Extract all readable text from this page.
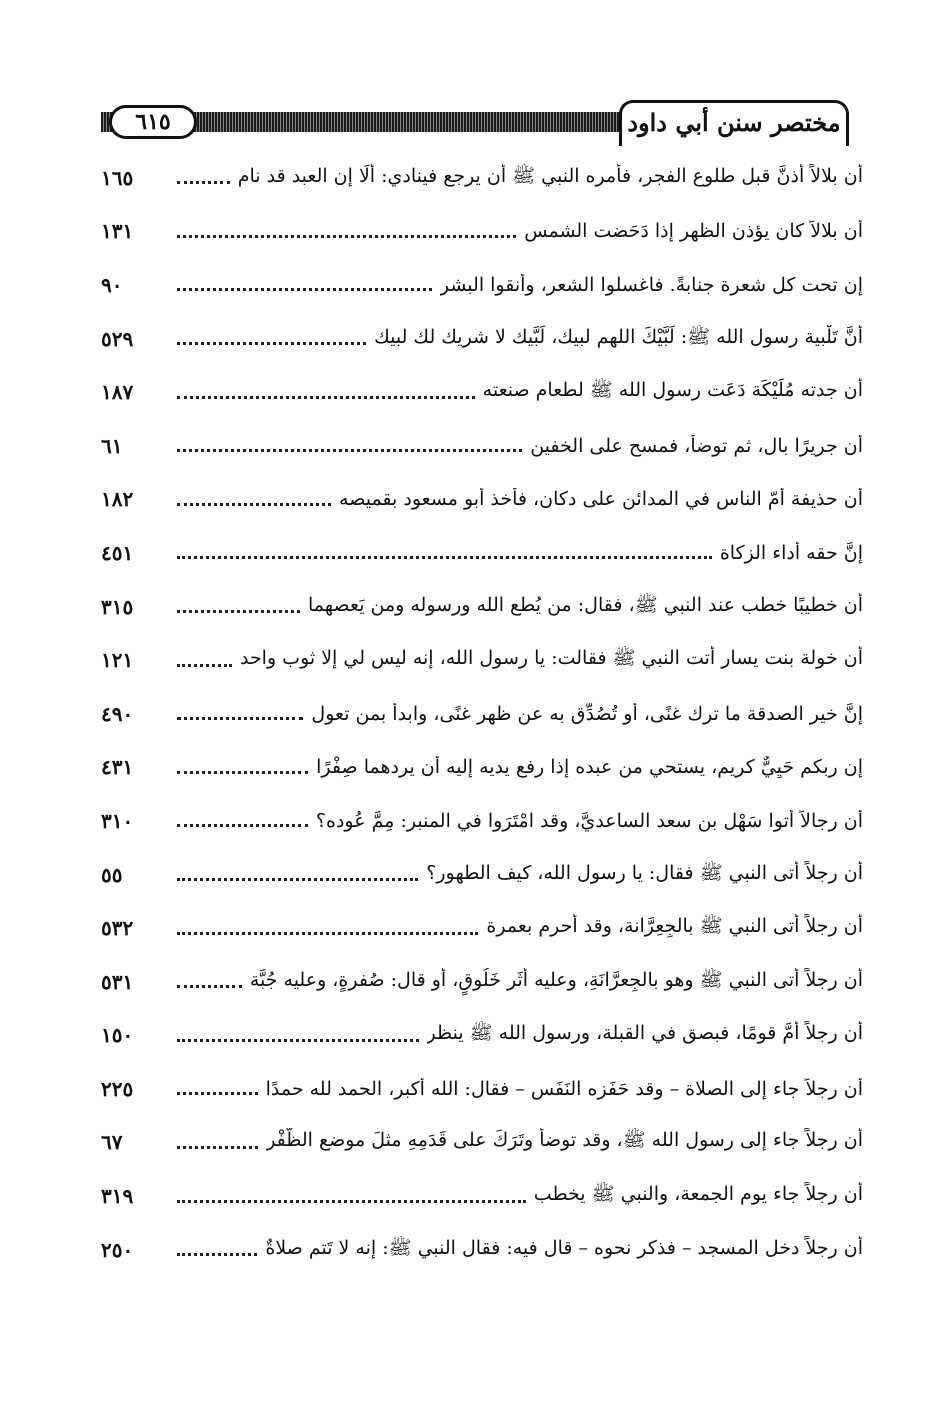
٦١٥	مختصر سنن أبي داود
١٦٥	أن بلالاً أذنَّ قبل طلوع الفجر، فأمره النبي ﷺ أن يرجع فينادي: ألَا إن العبد قد نام
١٣١	أن بلالاً كان يؤذن الظهر إذا دَحَضت الشمس
٩٠	إن تحت كل شعرة جنابةً. فاغسلوا الشعر، وأنقوا البشر
٥٢٩	أنَّ تَلْبية رسول الله ﷺ: لَبَّيْكَ اللهم لبيك، لَبَّيك لا شريك لك لبيك
١٨٧	أن جدته مُلَيْكَة دَعَت رسول الله ﷺ لطعام صنعته
٦١	أن جريرًا بال، ثم توضأ، فمسح على الخفين
١٨٢	أن حذيفة أمّ الناس في المدائن على دكان، فأخذ أبو مسعود بقميصه
٤٥١	إنَّ حقه أداء الزكاة
٣١٥	أن خطيبًا خطب عند النبي ﷺ، فقال: من يُطع الله ورسوله ومن يَعصهما
١٢١	أن خولة بنت يسار أتت النبي ﷺ فقالت: يا رسول الله، إنه ليس لي إلا ثوب واحد
٤٩٠	إنَّ خير الصدقة ما ترك غنًى، أو تُصُدِّق به عن ظهر غنًى، وابدأ بمن تعول
٤٣١	إن ربكم حَيِيٌّ كريم، يستحي من عبده إذا رفع يديه إليه أن يردهما صِفْرًا
٣١٠	أن رجالاً أتوا سَهْل بن سعد الساعديَّ، وقد امْتَرَوا في المنبر: مِمَّ عُوده؟
٥٥	أن رجلاً أتى النبي ﷺ فقال: يا رسول الله، كيف الطهور؟
٥٣٢	أن رجلاً أتى النبي ﷺ بالجِعِرَّانة، وقد أحرم بعمرة
٥٣١	أن رجلاً أتى النبي ﷺ وهو بالجِعرَّانَةِ، وعليه أَثَر خَلُوقٍ، أو قال: صُفرةٍ، وعليه جُبَّة
١٥٠	أن رجلاً أَمَّ قومًا، فبصق في القبلة، ورسول الله ﷺ ينظر
٢٢٥	أن رجلاً جاء إلى الصلاة – وقد حَفَزه النَفَس – فقال: الله أكبر، الحمد لله حمدًا
٦٧	أن رجلاً جاء إلى رسول الله ﷺ، وقد توضأ وتَرَكَ على قَدَمِهِ مثلَ موضع الظُّفْر
٣١٩	أن رجلاً جاء يوم الجمعة، والنبي ﷺ يخطب
٢٥٠	أن رجلاً دخل المسجد – فذكر نحوه – قال فيه: فقال النبي ﷺ: إنه لا تَتم صلاةٌ
